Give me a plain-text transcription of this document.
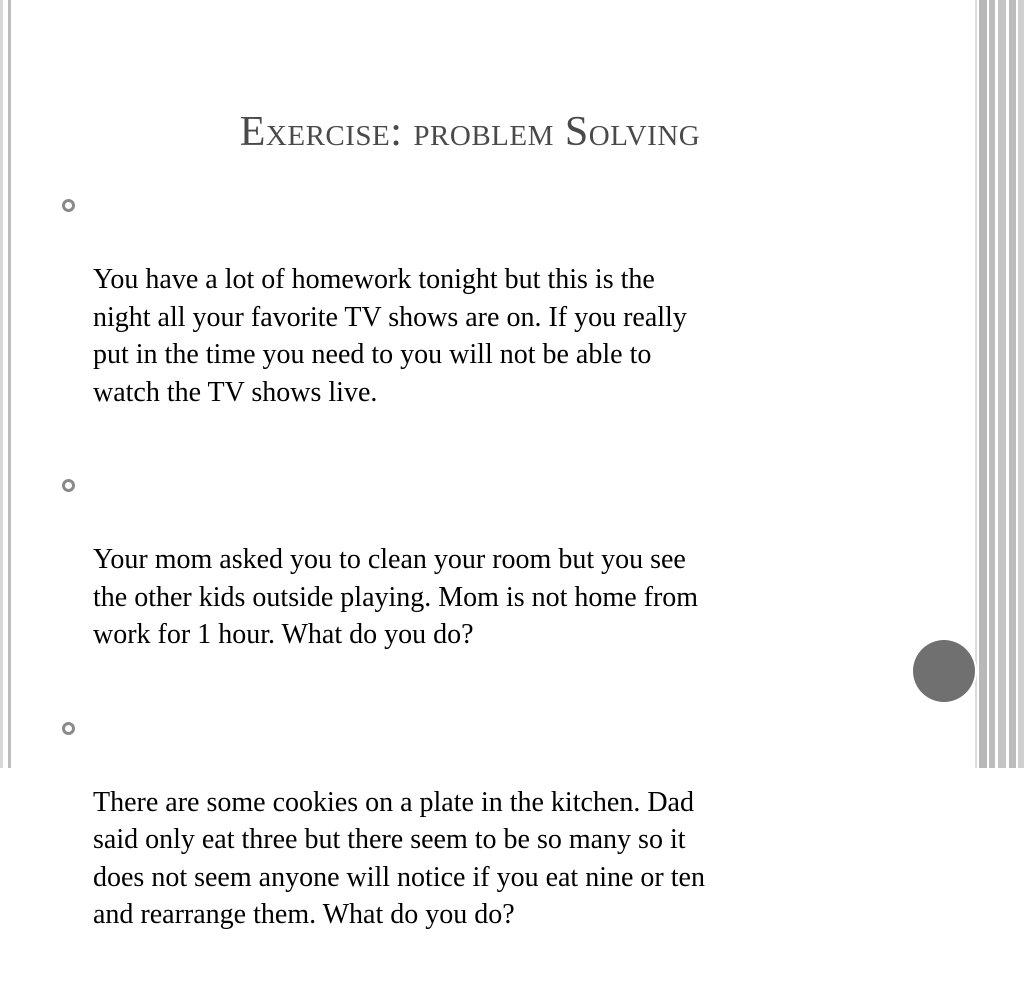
Exercise: problem Solving

You have a lot of homework tonight but this is the
night all your favorite TV shows are on. If you really
put in the time you need to you will not be able to
watch the TV shows live.

Your mom asked you to clean your room but you see
the other kids outside playing. Mom is not home from
work for 1 hour. What do you do?

There are some cookies on a plate in the kitchen. Dad
said only eat three but there seem to be so many so it
does not seem anyone will notice if you eat nine or ten
and rearrange them. What do you do?
